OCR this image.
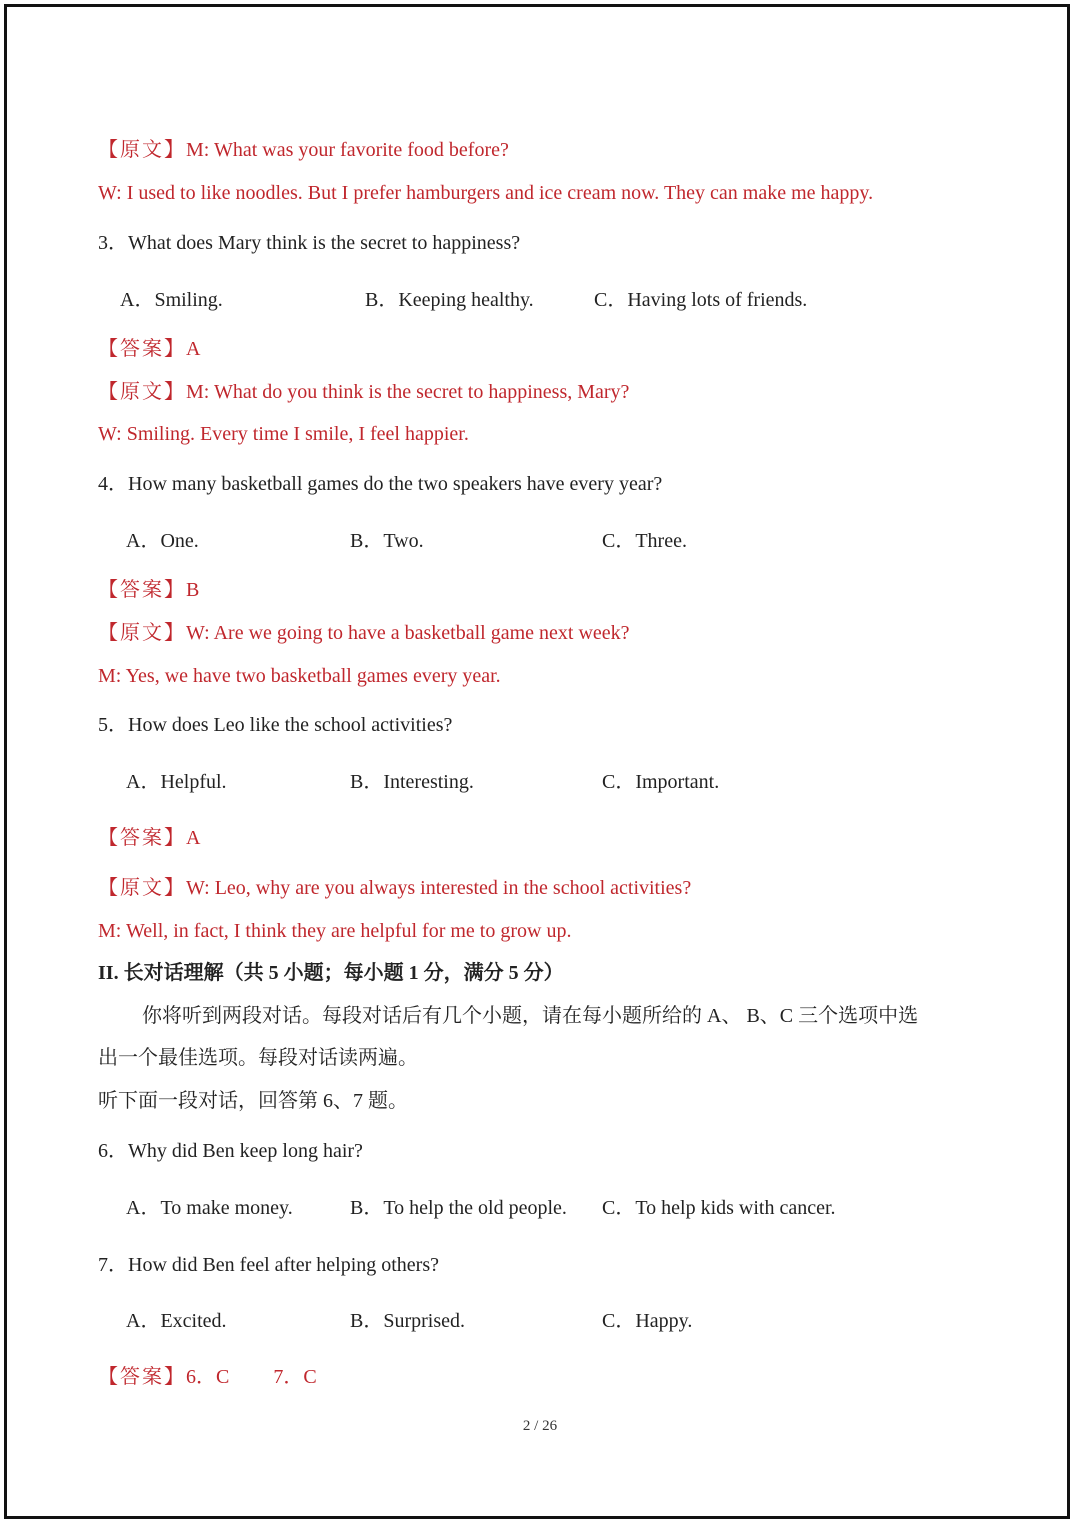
【原文】M: What was your favorite food before?
W: I used to like noodles. But I prefer hamburgers and ice cream now. They can make me happy.
3．What does Mary think is the secret to happiness?
A．Smiling.	B．Keeping healthy.	C．Having lots of friends.
【答案】A
【原文】M: What do you think is the secret to happiness, Mary?
W: Smiling. Every time I smile, I feel happier.
4．How many basketball games do the two speakers have every year?
A．One.	B．Two.	C．Three.
【答案】B
【原文】W: Are we going to have a basketball game next week?
M: Yes, we have two basketball games every year.
5．How does Leo like the school activities?
A．Helpful.	B．Interesting.	C．Important.
【答案】A
【原文】W: Leo, why are you always interested in the school activities?
M: Well, in fact, I think they are helpful for me to grow up.
II. 长对话理解（共 5 小题；每小题 1 分，满分 5 分）
你将听到两段对话。每段对话后有几个小题，请在每小题所给的 A、 B、C 三个选项中选
出一个最佳选项。每段对话读两遍。
听下面一段对话，回答第 6、7 题。
6．Why did Ben keep long hair?
A．To make money.	B．To help the old people. C．To help kids with cancer.
7．How did Ben feel after helping others?
A．Excited.	B．Surprised.	C．Happy.
【答案】6．C 7．C
2 / 26
